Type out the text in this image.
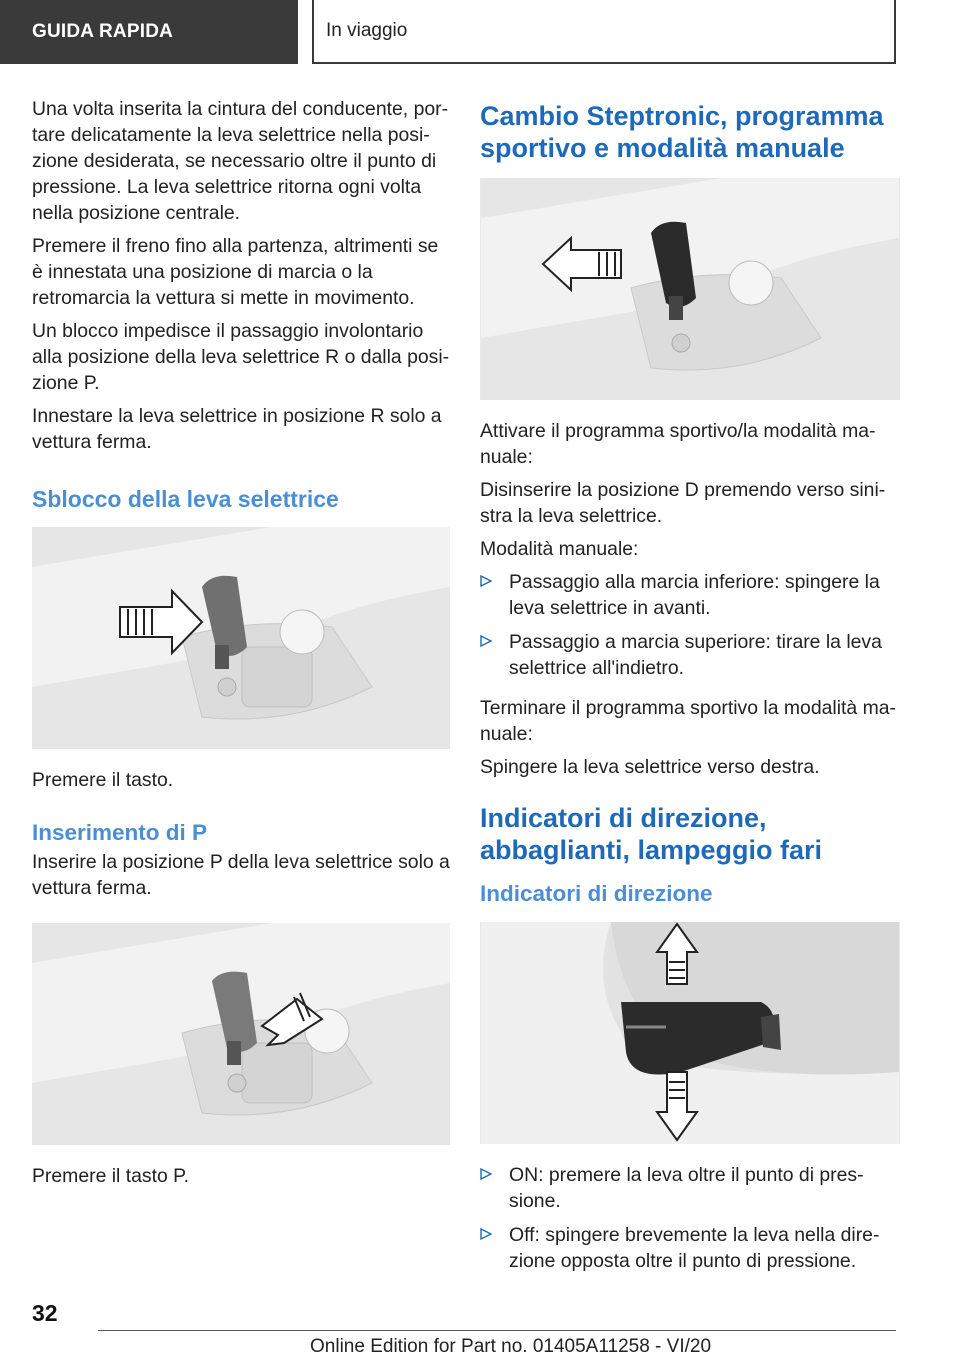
GUIDA RAPIDA	In viaggio

Una volta inserita la cintura del conducente, portare delicatamente la leva selettrice nella posizione desiderata, se necessario oltre il punto di pressione. La leva selettrice ritorna ogni volta nella posizione centrale.

Premere il freno fino alla partenza, altrimenti se è innestata una posizione di marcia o la retromarcia la vettura si mette in movimento.

Un blocco impedisce il passaggio involontario alla posizione della leva selettrice R o dalla posizione P.

Innestare la leva selettrice in posizione R solo a vettura ferma.

Sblocco della leva selettrice

Premere il tasto.

Inserimento di P

Inserire la posizione P della leva selettrice solo a vettura ferma.

Premere il tasto P.

Cambio Steptronic, programma sportivo e modalità manuale

Attivare il programma sportivo/la modalità manuale:

Disinserire la posizione D premendo verso sinistra la leva selettrice.

Modalità manuale:

Passaggio alla marcia inferiore: spingere la leva selettrice in avanti.
Passaggio a marcia superiore: tirare la leva selettrice all'indietro.

Terminare il programma sportivo la modalità manuale:

Spingere la leva selettrice verso destra.

Indicatori di direzione, abbaglianti, lampeggio fari
Indicatori di direzione
ON: premere la leva oltre il punto di pressione.
Off: spingere brevemente la leva nella direzione opposta oltre il punto di pressione.
32
Online Edition for Part no. 01405A11258 - VI/20
